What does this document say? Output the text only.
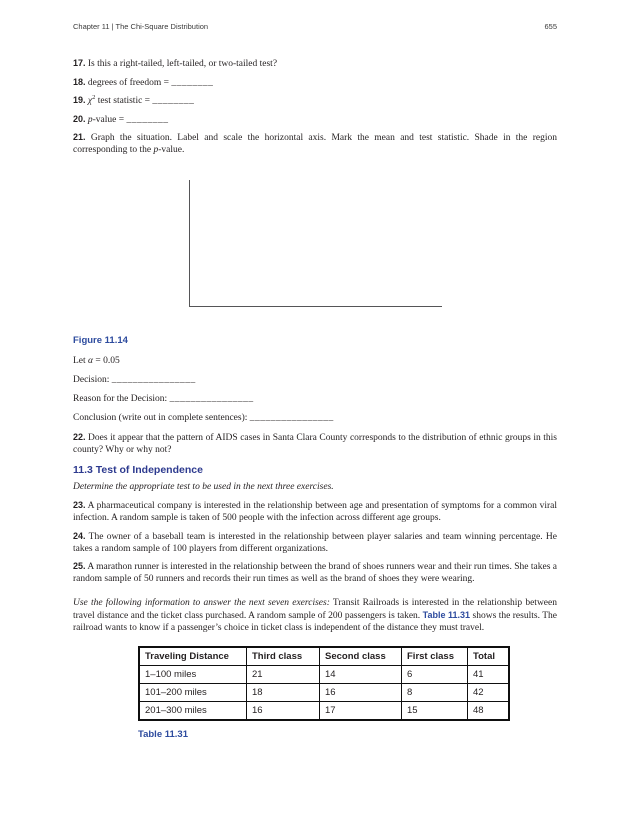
Chapter 11 | The Chi-Square Distribution	655

17. Is this a right-tailed, left-tailed, or two-tailed test?

18. degrees of freedom = ________

19. $\chi^2$ test statistic = ________

20. p-value = ________

21. Graph the situation. Label and scale the horizontal axis. Mark the mean and test statistic. Shade in the region corresponding to the p-value.

Figure 11.14

Let α = 0.05

Decision: ________________

Reason for the Decision: ________________

Conclusion (write out in complete sentences): ________________

22. Does it appear that the pattern of AIDS cases in Santa Clara County corresponds to the distribution of ethnic groups in this county? Why or why not?

11.3 Test of Independence

Determine the appropriate test to be used in the next three exercises.

23. A pharmaceutical company is interested in the relationship between age and presentation of symptoms for a common viral infection. A random sample is taken of 500 people with the infection across different age groups.

24. The owner of a baseball team is interested in the relationship between player salaries and team winning percentage. He takes a random sample of 100 players from different organizations.

25. A marathon runner is interested in the relationship between the brand of shoes runners wear and their run times. She takes a random sample of 50 runners and records their run times as well as the brand of shoes they were wearing.

Use the following information to answer the next seven exercises: Transit Railroads is interested in the relationship between travel distance and the ticket class purchased. A random sample of 200 passengers is taken. Table 11.31 shows the results. The railroad wants to know if a passenger’s choice in ticket class is independent of the distance they must travel.

Traveling Distance	Third class	Second class	First class	Total
1–100 miles	21	14	6	41
101–200 miles	18	16	8	42
201–300 miles	16	17	15	48
Table 11.31
